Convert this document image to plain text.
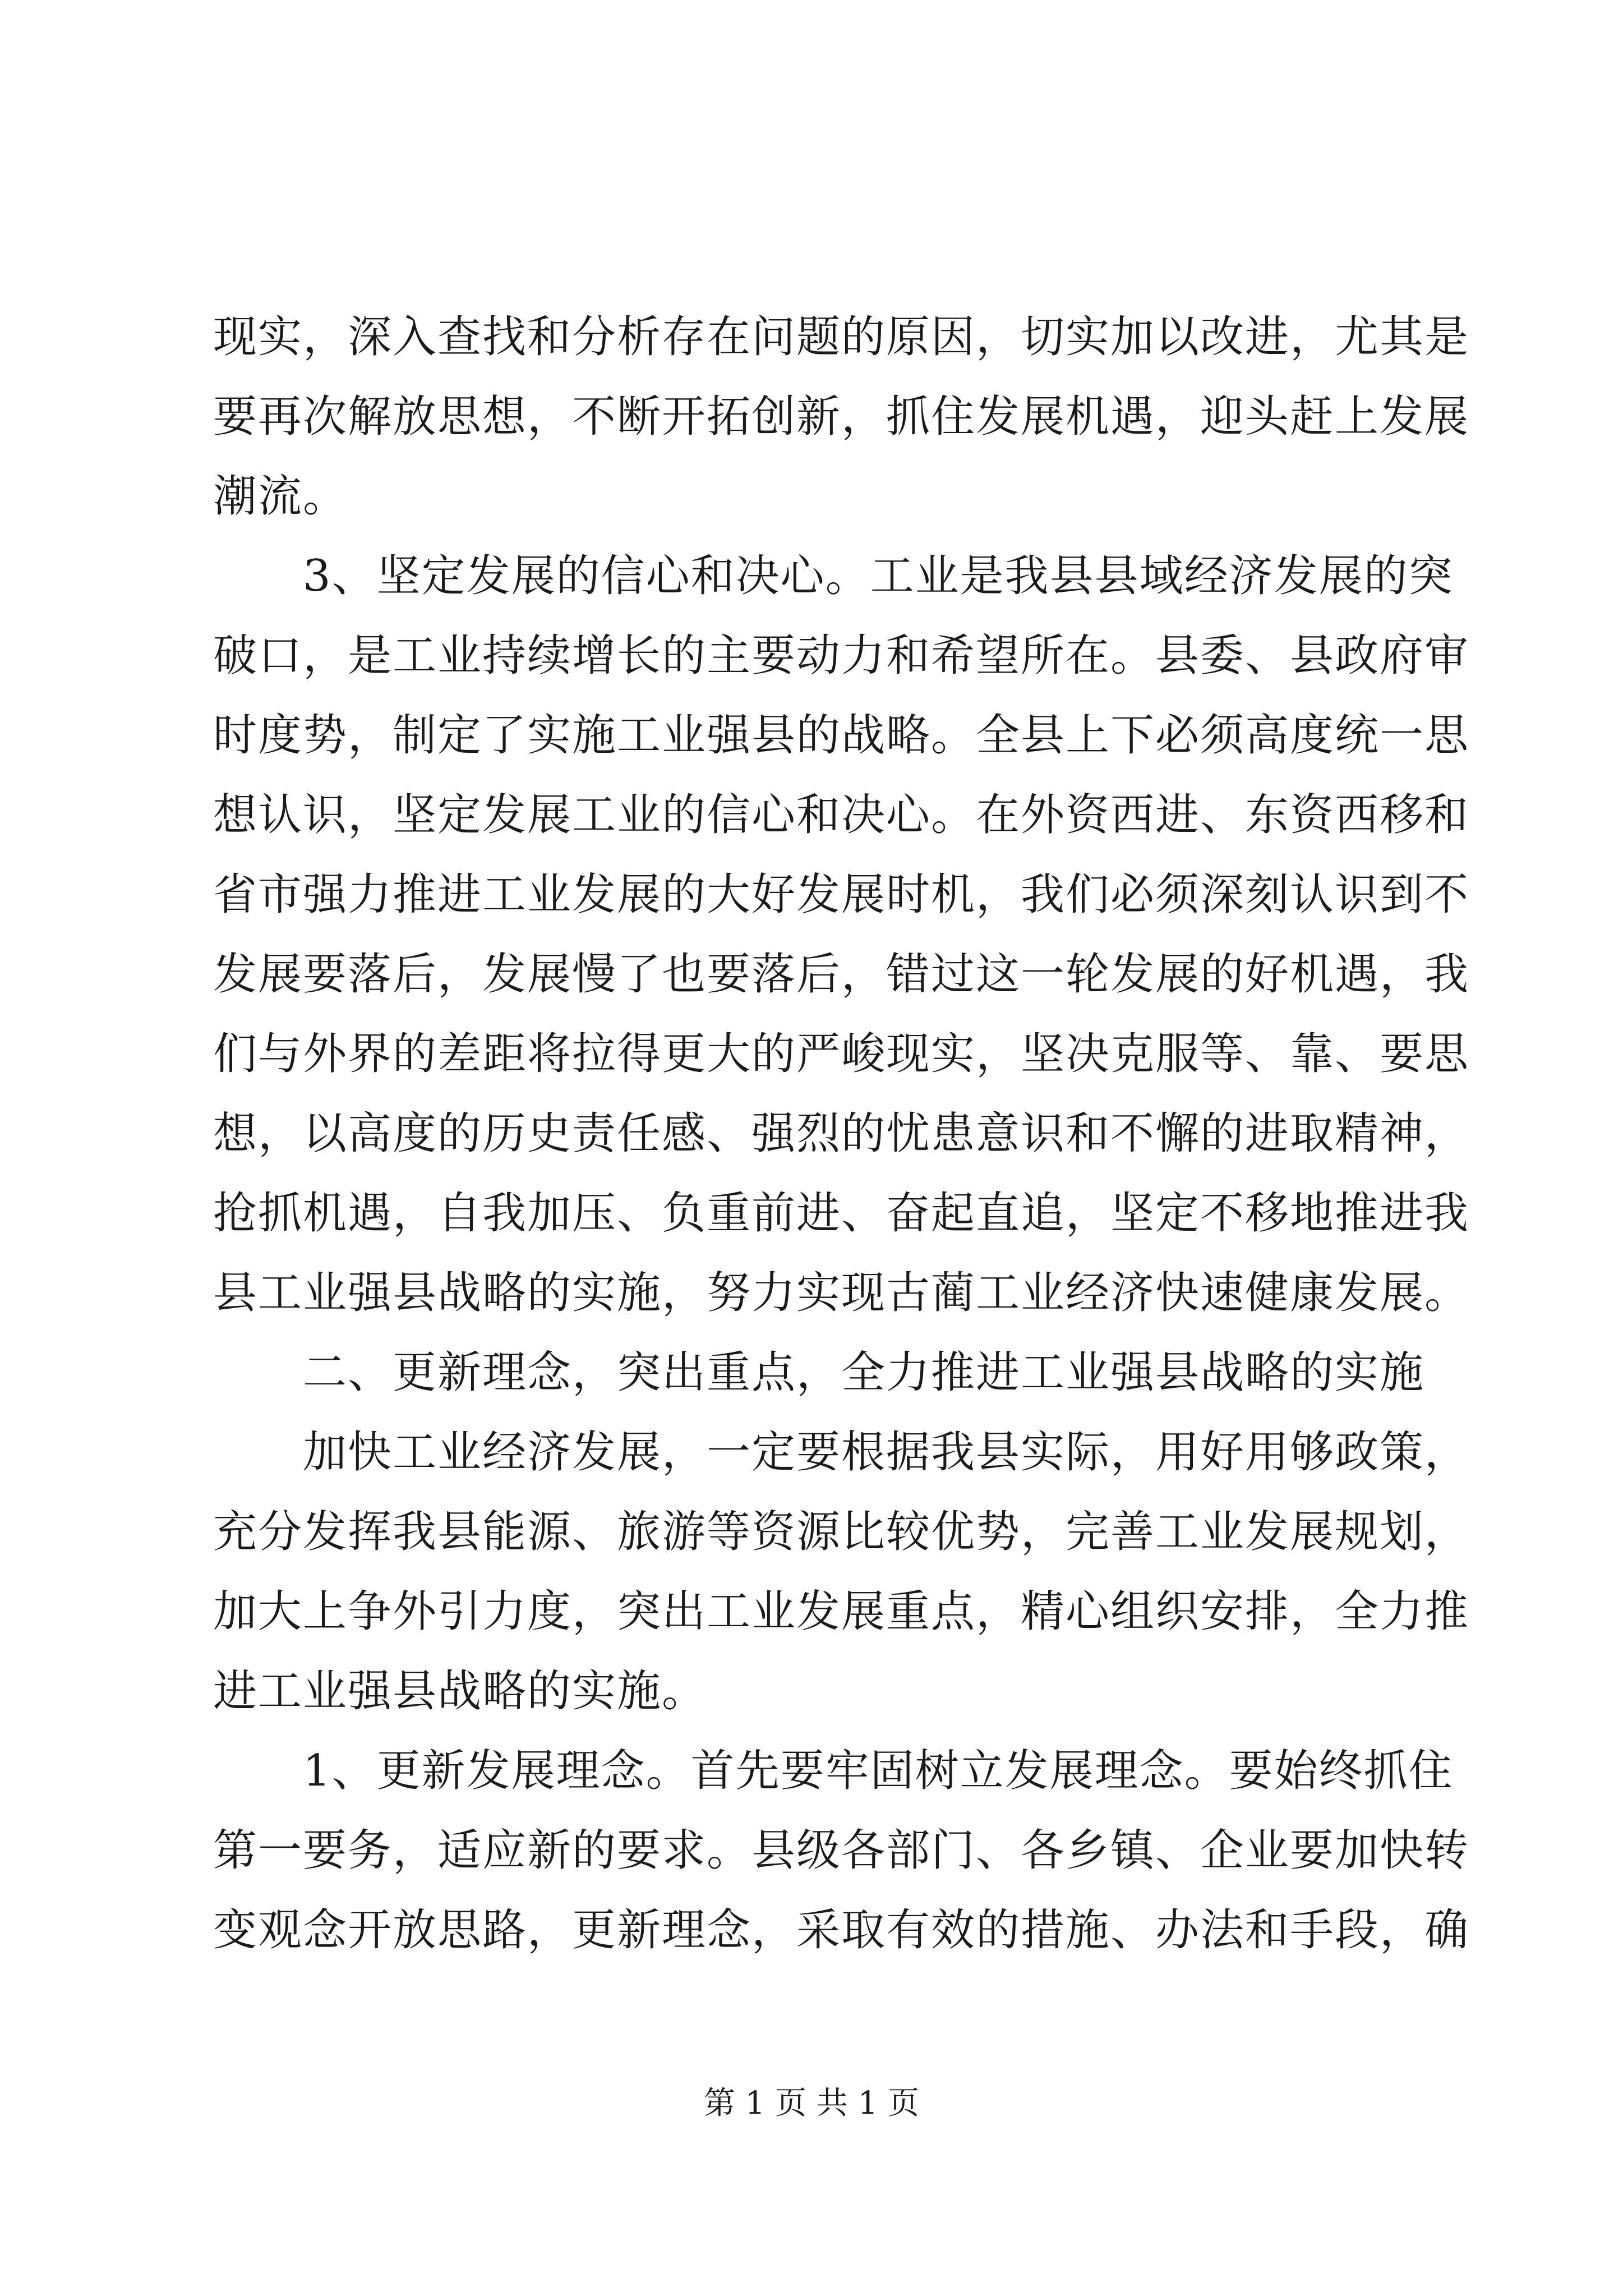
现实，深入查找和分析存在问题的原因，切实加以改进，尤其是
要再次解放思想，不断开拓创新，抓住发展机遇，迎头赶上发展
潮流。
3、坚定发展的信心和决心。工业是我县县域经济发展的突
破口，是工业持续增长的主要动力和希望所在。县委、县政府审
时度势，制定了实施工业强县的战略。全县上下必须高度统一思
想认识，坚定发展工业的信心和决心。在外资西进、东资西移和
省市强力推进工业发展的大好发展时机，我们必须深刻认识到不
发展要落后，发展慢了也要落后，错过这一轮发展的好机遇，我
们与外界的差距将拉得更大的严峻现实，坚决克服等、靠、要思
想，以高度的历史责任感、强烈的忧患意识和不懈的进取精神，
抢抓机遇，自我加压、负重前进、奋起直追，坚定不移地推进我
县工业强县战略的实施，努力实现古蔺工业经济快速健康发展。
二、更新理念，突出重点，全力推进工业强县战略的实施
加快工业经济发展，一定要根据我县实际，用好用够政策，
充分发挥我县能源、旅游等资源比较优势，完善工业发展规划，
加大上争外引力度，突出工业发展重点，精心组织安排，全力推
进工业强县战略的实施。
1、更新发展理念。首先要牢固树立发展理念。要始终抓住
第一要务，适应新的要求。县级各部门、各乡镇、企业要加快转
变观念开放思路，更新理念，采取有效的措施、办法和手段，确
第 1 页 共 1 页
